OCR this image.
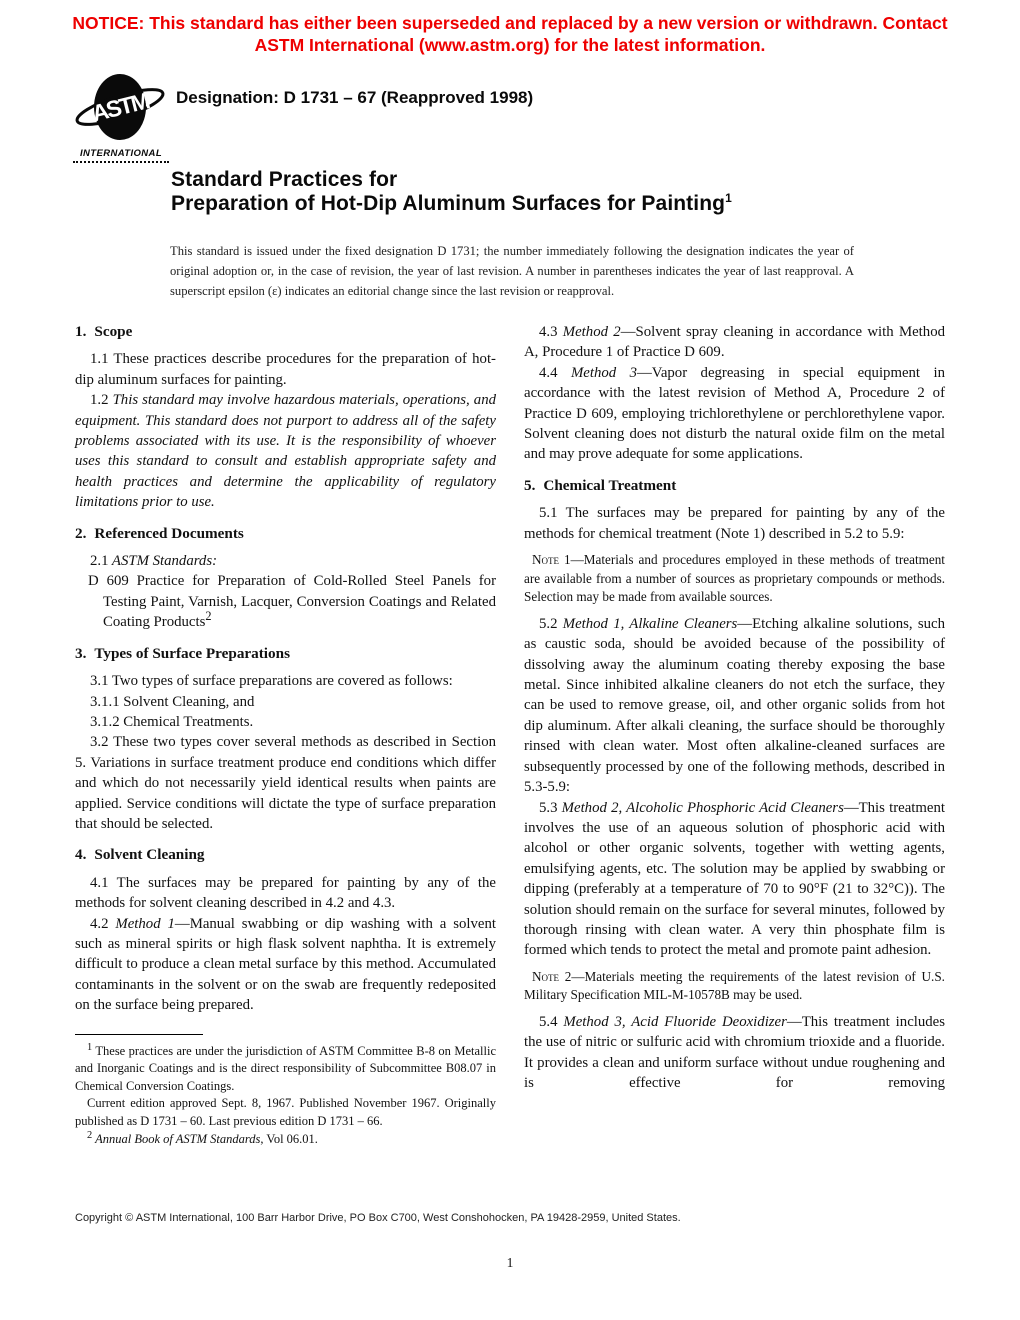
NOTICE: This standard has either been superseded and replaced by a new version or withdrawn. Contact ASTM International (www.astm.org) for the latest information.
ASTM
INTERNATIONAL
Designation: D 1731 – 67 (Reapproved 1998)
Standard Practices for
Preparation of Hot-Dip Aluminum Surfaces for Painting$^1$
This standard is issued under the fixed designation D 1731; the number immediately following the designation indicates the year of original adoption or, in the case of revision, the year of last revision. A number in parentheses indicates the year of last reapproval. A superscript epsilon (ε) indicates an editorial change since the last revision or reapproval.
1. Scope

1.1 These practices describe procedures for the preparation of hot-dip aluminum surfaces for painting.

1.2 This standard may involve hazardous materials, operations, and equipment. This standard does not purport to address all of the safety problems associated with its use. It is the responsibility of whoever uses this standard to consult and establish appropriate safety and health practices and determine the applicability of regulatory limitations prior to use.

2. Referenced Documents

2.1 ASTM Standards:

D 609 Practice for Preparation of Cold-Rolled Steel Panels for Testing Paint, Varnish, Lacquer, Conversion Coatings and Related Coating Products$^2$

3. Types of Surface Preparations

3.1 Two types of surface preparations are covered as follows:

3.1.1 Solvent Cleaning, and

3.1.2 Chemical Treatments.

3.2 These two types cover several methods as described in Section 5. Variations in surface treatment produce end conditions which differ and which do not necessarily yield identical results when paints are applied. Service conditions will dictate the type of surface preparation that should be selected.

4. Solvent Cleaning

4.1 The surfaces may be prepared for painting by any of the methods for solvent cleaning described in 4.2 and 4.3.

4.2 Method 1—Manual swabbing or dip washing with a solvent such as mineral spirits or high flask solvent naphtha. It is extremely difficult to produce a clean metal surface by this method. Accumulated contaminants in the solvent or on the swab are frequently redeposited on the surface being prepared.

$^1$ These practices are under the jurisdiction of ASTM Committee B-8 on Metallic and Inorganic Coatings and is the direct responsibility of Subcommittee B08.07 in Chemical Conversion Coatings.

Current edition approved Sept. 8, 1967. Published November 1967. Originally published as D 1731 – 60. Last previous edition D 1731 – 66.

$^2$ Annual Book of ASTM Standards, Vol 06.01.

4.3 Method 2—Solvent spray cleaning in accordance with Method A, Procedure 1 of Practice D 609.

4.4 Method 3—Vapor degreasing in special equipment in accordance with the latest revision of Method A, Procedure 2 of Practice D 609, employing trichlorethylene or perchlorethylene vapor. Solvent cleaning does not disturb the natural oxide film on the metal and may prove adequate for some applications.

5. Chemical Treatment

5.1 The surfaces may be prepared for painting by any of the methods for chemical treatment (Note 1) described in 5.2 to 5.9:

Note 1—Materials and procedures employed in these methods of treatment are available from a number of sources as proprietary compounds or methods. Selection may be made from available sources.

5.2 Method 1, Alkaline Cleaners—Etching alkaline solutions, such as caustic soda, should be avoided because of the possibility of dissolving away the aluminum coating thereby exposing the base metal. Since inhibited alkaline cleaners do not etch the surface, they can be used to remove grease, oil, and other organic solids from hot dip aluminum. After alkali cleaning, the surface should be thoroughly rinsed with clean water. Most often alkaline-cleaned surfaces are subsequently processed by one of the following methods, described in 5.3-5.9:

5.3 Method 2, Alcoholic Phosphoric Acid Cleaners—This treatment involves the use of an aqueous solution of phosphoric acid with alcohol or other organic solvents, together with wetting agents, emulsifying agents, etc. The solution may be applied by swabbing or dipping (preferably at a temperature of 70 to 90°F (21 to 32°C)). The solution should remain on the surface for several minutes, followed by thorough rinsing with clean water. A very thin phosphate film is formed which tends to protect the metal and promote paint adhesion.

Note 2—Materials meeting the requirements of the latest revision of U.S. Military Specification MIL-M-10578B may be used.

5.4 Method 3, Acid Fluoride Deoxidizer—This treatment includes the use of nitric or sulfuric acid with chromium trioxide and a fluoride. It provides a clean and uniform surface without undue roughening and is effective for removing

Copyright © ASTM International, 100 Barr Harbor Drive, PO Box C700, West Conshohocken, PA 19428-2959, United States.
1
